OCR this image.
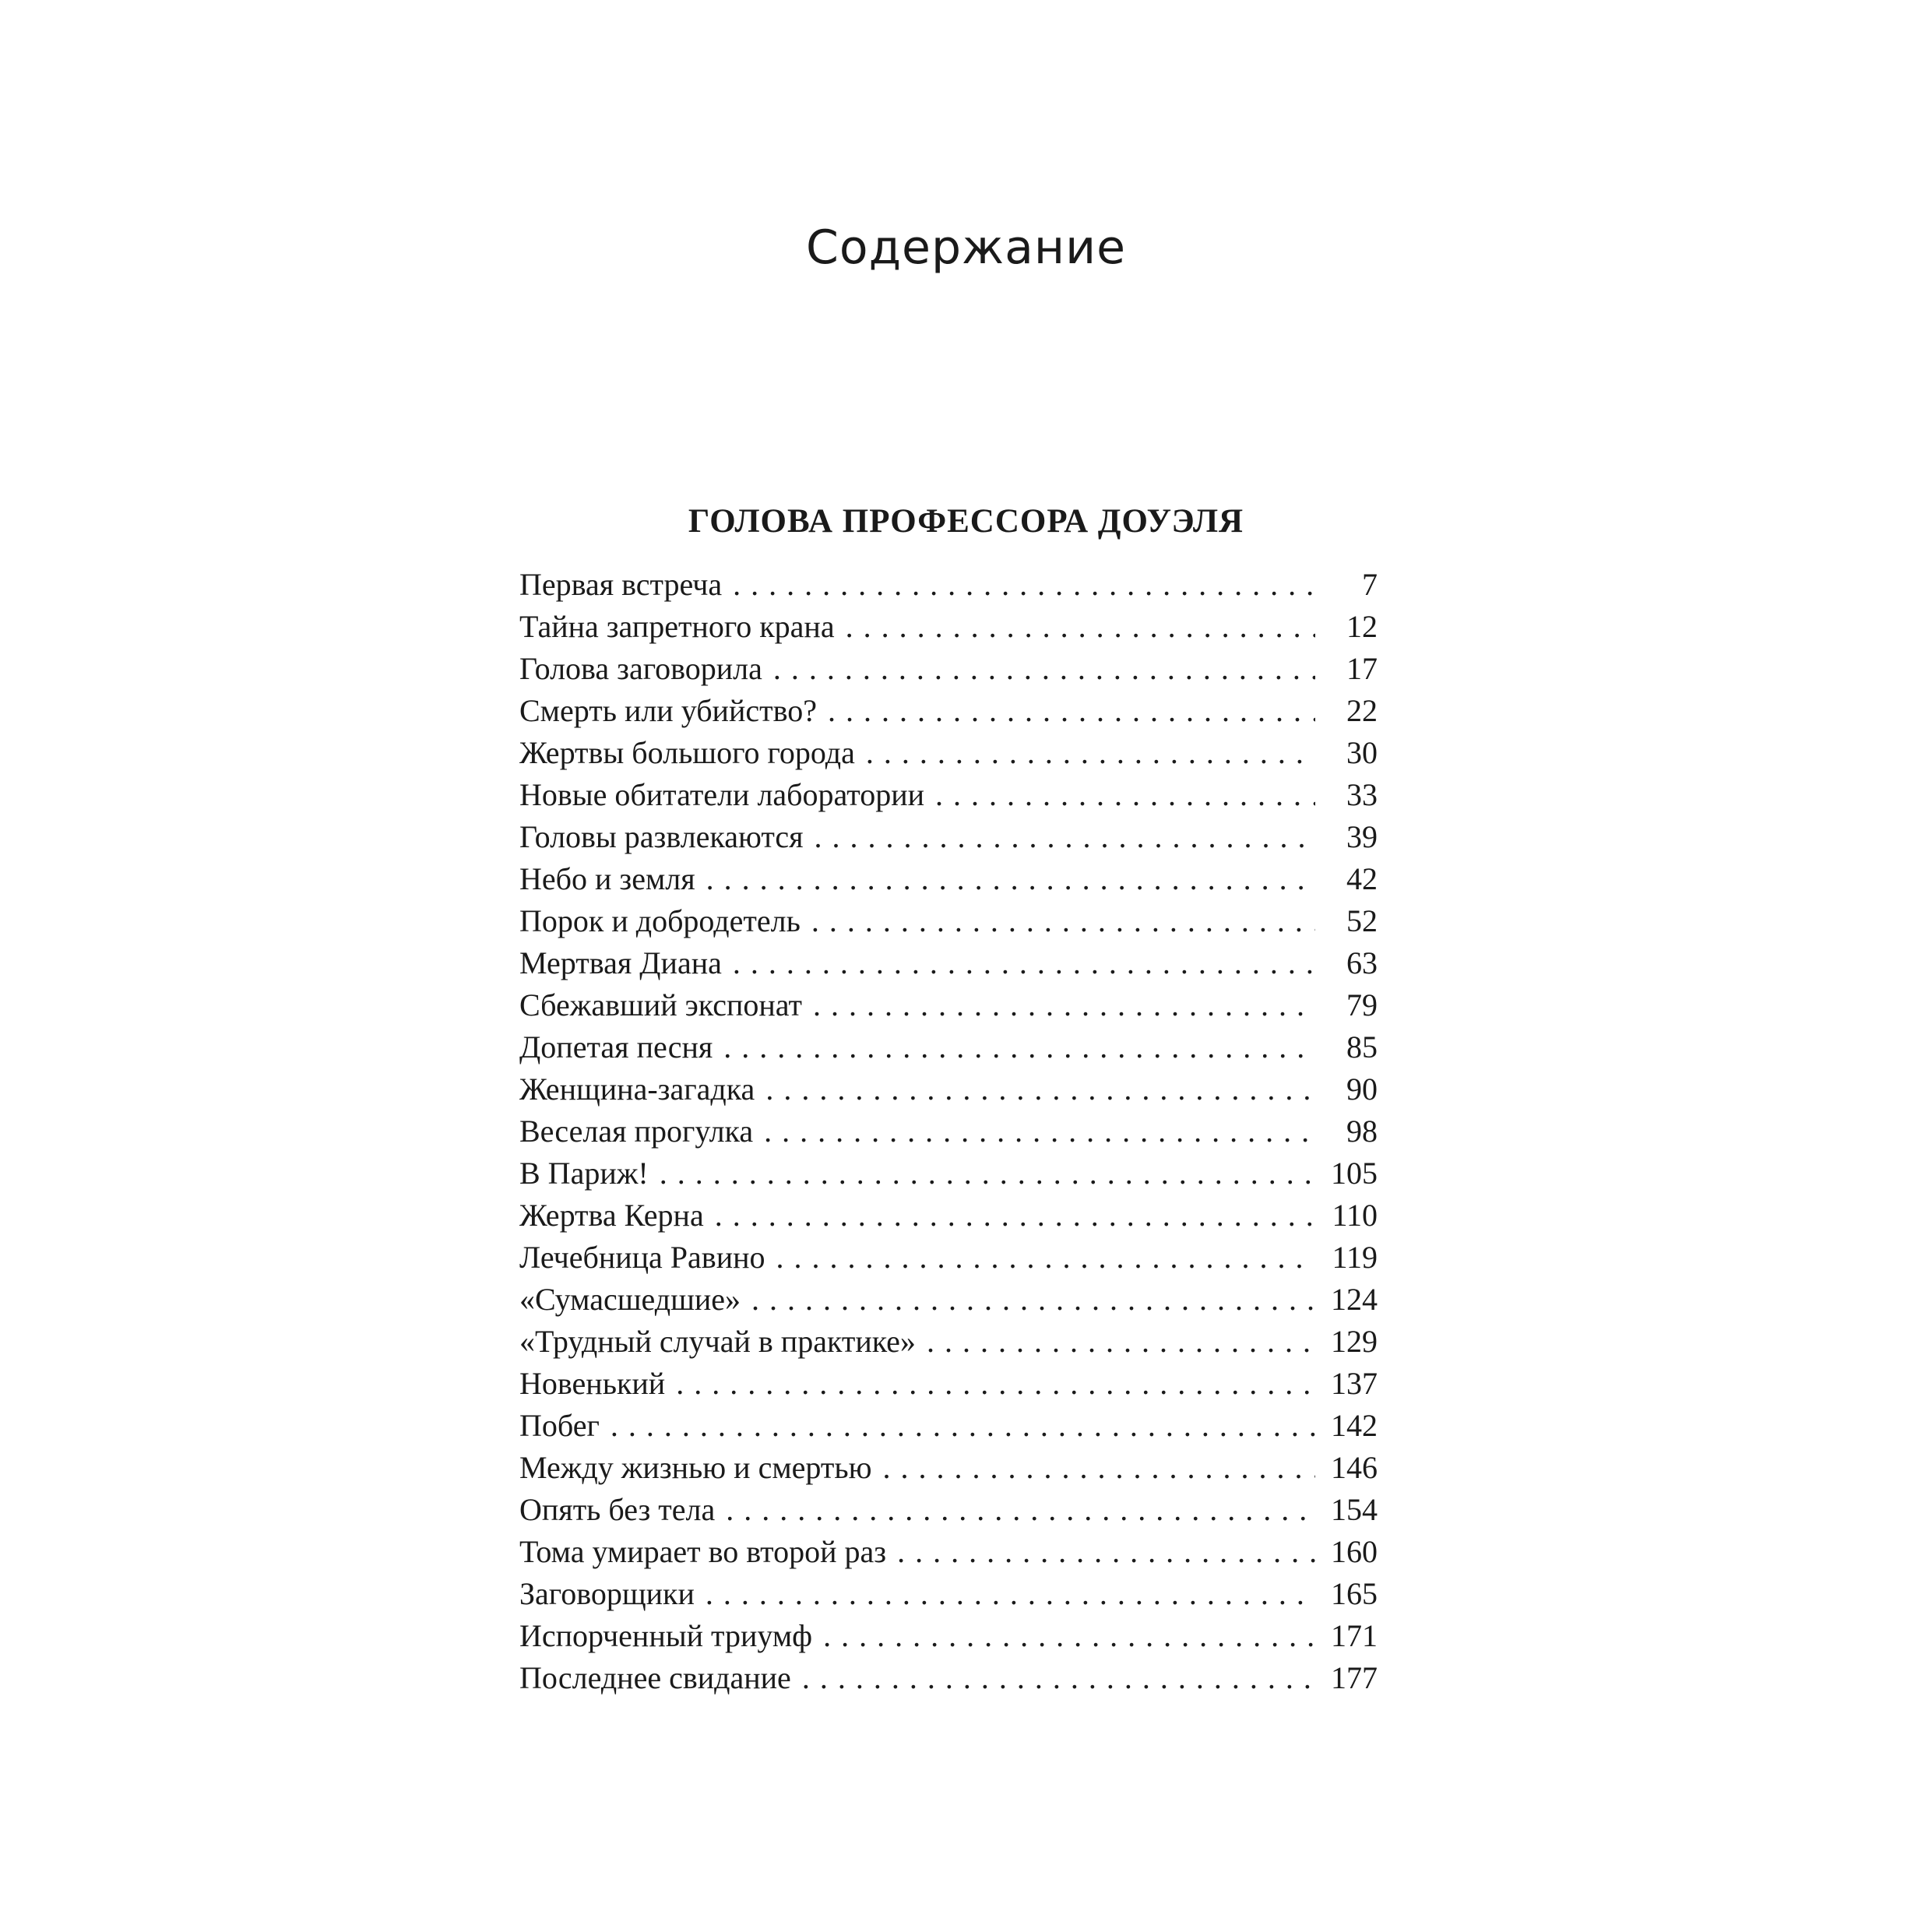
Содержание
ГОЛОВА ПРОФЕССОРА ДОУЭЛЯ
Первая встреча . . .	7
Тайна запретного крана . . .	12
Голова заговорила . . .	17
Смерть или убийство? . . .	22
Жертвы большого города . . .	30
Новые обитатели лаборатории . . .	33
Головы развлекаются . . .	39
Небо и земля . . .	42
Порок и добродетель . . .	52
Мертвая Диана . . .	63
Сбежавший экспонат . . .	79
Допетая песня . . .	85
Женщина-загадка . . .	90
Веселая прогулка . . .	98
В Париж! . . .	105
Жертва Керна . . .	110
Лечебница Равино . . .	119
«Сумасшедшие» . . .	124
«Трудный случай в практике» . . .	129
Новенький . . .	137
Побег . . .	142
Между жизнью и смертью . . .	146
Опять без тела . . .	154
Тома умирает во второй раз . . .	160
Заговорщики . . .	165
Испорченный триумф . . .	171
Последнее свидание . . .	177
